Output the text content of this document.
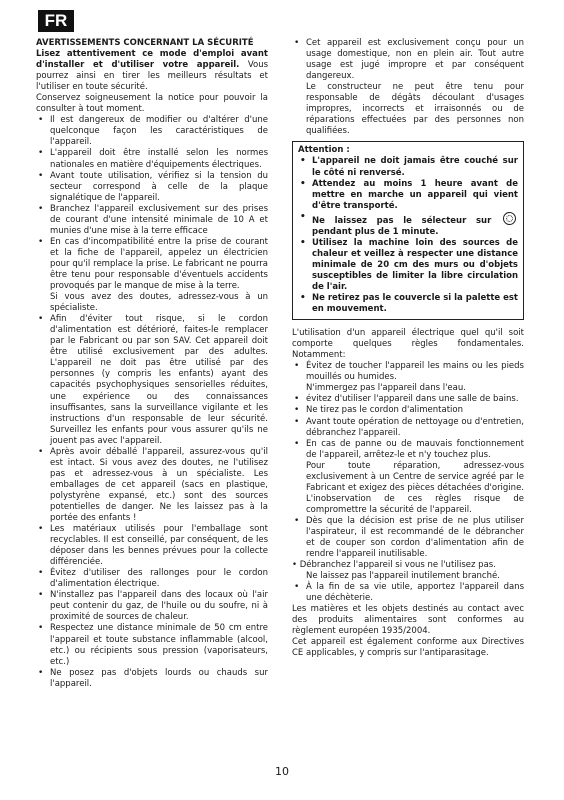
FR
AVERTISSEMENTS CONCERNANT LA SÉCURITÉ

Lisez attentivement ce mode d'emploi avant d'installer et d'utiliser votre appareil. Vous pourrez ainsi en tirer les meilleurs résultats et l'utiliser en toute sécurité.

Conservez soigneusement la notice pour pouvoir la consulter à tout moment.

• Il est dangereux de modifier ou d'altérer d'une quelconque façon les caractéristiques de l'appareil.
• L'appareil doit être installé selon les normes nationales en matière d'équipements électriques.
• Avant toute utilisation, vérifiez si la tension du secteur correspond à celle de la plaque signalétique de l'appareil.
• Branchez l'appareil exclusivement sur des prises de courant d'une intensité minimale de 10 A et munies d'une mise à la terre efficace
• En cas d'incompatibilité entre la prise de courant et la fiche de l'appareil, appelez un électricien pour qu'il remplace la prise. Le fabricant ne pourra être tenu pour responsable d'éventuels accidents provoqués par le manque de mise à la terre.

Si vous avez des doutes, adressez-vous à un spécialiste.

• Afin d'éviter tout risque, si le cordon d'alimentation est détérioré, faites-le remplacer par le Fabricant ou par son SAV. Cet appareil doit être utilisé exclusivement par des adultes. L'appareil ne doit pas être utilisé par des personnes (y compris les enfants) ayant des capacités psychophysiques sensorielles réduites, une expérience ou des connaissances insuffisantes, sans la surveillance vigilante et les instructions d'un responsable de leur sécurité. Surveillez les enfants pour vous assurer qu'ils ne jouent pas avec l'appareil.
• Après avoir déballé l'appareil, assurez-vous qu'il est intact. Si vous avez des doutes, ne l'utilisez pas et adressez-vous à un spécialiste. Les emballages de cet appareil (sacs en plastique, polystyrène expansé, etc.) sont des sources potentielles de danger. Ne les laissez pas à la portée des enfants !
• Les matériaux utilisés pour l'emballage sont recyclables. Il est conseillé, par conséquent, de les déposer dans les bennes prévues pour la collecte différenciée.
• Évitez d'utiliser des rallonges pour le cordon d'alimentation électrique.
• N'installez pas l'appareil dans des locaux où l'air peut contenir du gaz, de l'huile ou du soufre, ni à proximité de sources de chaleur.
• Respectez une distance minimale de 50 cm entre l'appareil et toute substance inflammable (alcool, etc.) ou récipients sous pression (vaporisateurs, etc.)
• Ne posez pas d'objets lourds ou chauds sur l'appareil.
• Cet appareil est exclusivement conçu pour un usage domestique, non en plein air. Tout autre usage est jugé impropre et par conséquent dangereux.

Le constructeur ne peut être tenu pour responsable de dégâts découlant d'usages impropres, incorrects et irraisonnés ou de réparations effectuées par des personnes non qualifiées.

Attention :
• L'appareil ne doit jamais être couché sur le côté ni renversé.
• Attendez au moins 1 heure avant de mettre en marche un appareil qui vient d'être transporté.
• Ne laissez pas le sélecteur sur  pendant plus de 1 minute.
• Utilisez la machine loin des sources de chaleur et veillez à respecter une distance minimale de 20 cm des murs ou d'objets susceptibles de limiter la libre circulation de l'air.
• Ne retirez pas le couvercle si la palette est en mouvement.

L'utilisation d'un appareil électrique quel qu'il soit comporte quelques règles fondamentales. Notamment:

• Évitez de toucher l'appareil les mains ou les pieds mouillés ou humides.

N'immergez pas l'appareil dans l'eau.

• évitez d'utiliser l'appareil dans une salle de bains.
• Ne tirez pas le cordon d'alimentation
• Avant toute opération de nettoyage ou d'entretien, débranchez l'appareil.
• En cas de panne ou de mauvais fonctionnement de l'appareil, arrêtez-le et n'y touchez plus.

Pour toute réparation, adressez-vous exclusivement à un Centre de service agréé par le Fabricant et exigez des pièces détachées d'origine. L'inobservation de ces règles risque de compromettre la sécurité de l'appareil.

• Dès que la décision est prise de ne plus utiliser l'aspirateur, il est recommandé de le débrancher et de couper son cordon d'alimentation afin de rendre l'appareil inutilisable.

• Débranchez l'appareil si vous ne l'utilisez pas.

Ne laissez pas l'appareil inutilement branché.

• À la fin de sa vie utile, apportez l'appareil dans une déchèterie.

Les matières et les objets destinés au contact avec des produits alimentaires sont conformes au règlement européen 1935/2004.

Cet appareil est également conforme aux Directives CE applicables, y compris sur l'antiparasitage.

10
